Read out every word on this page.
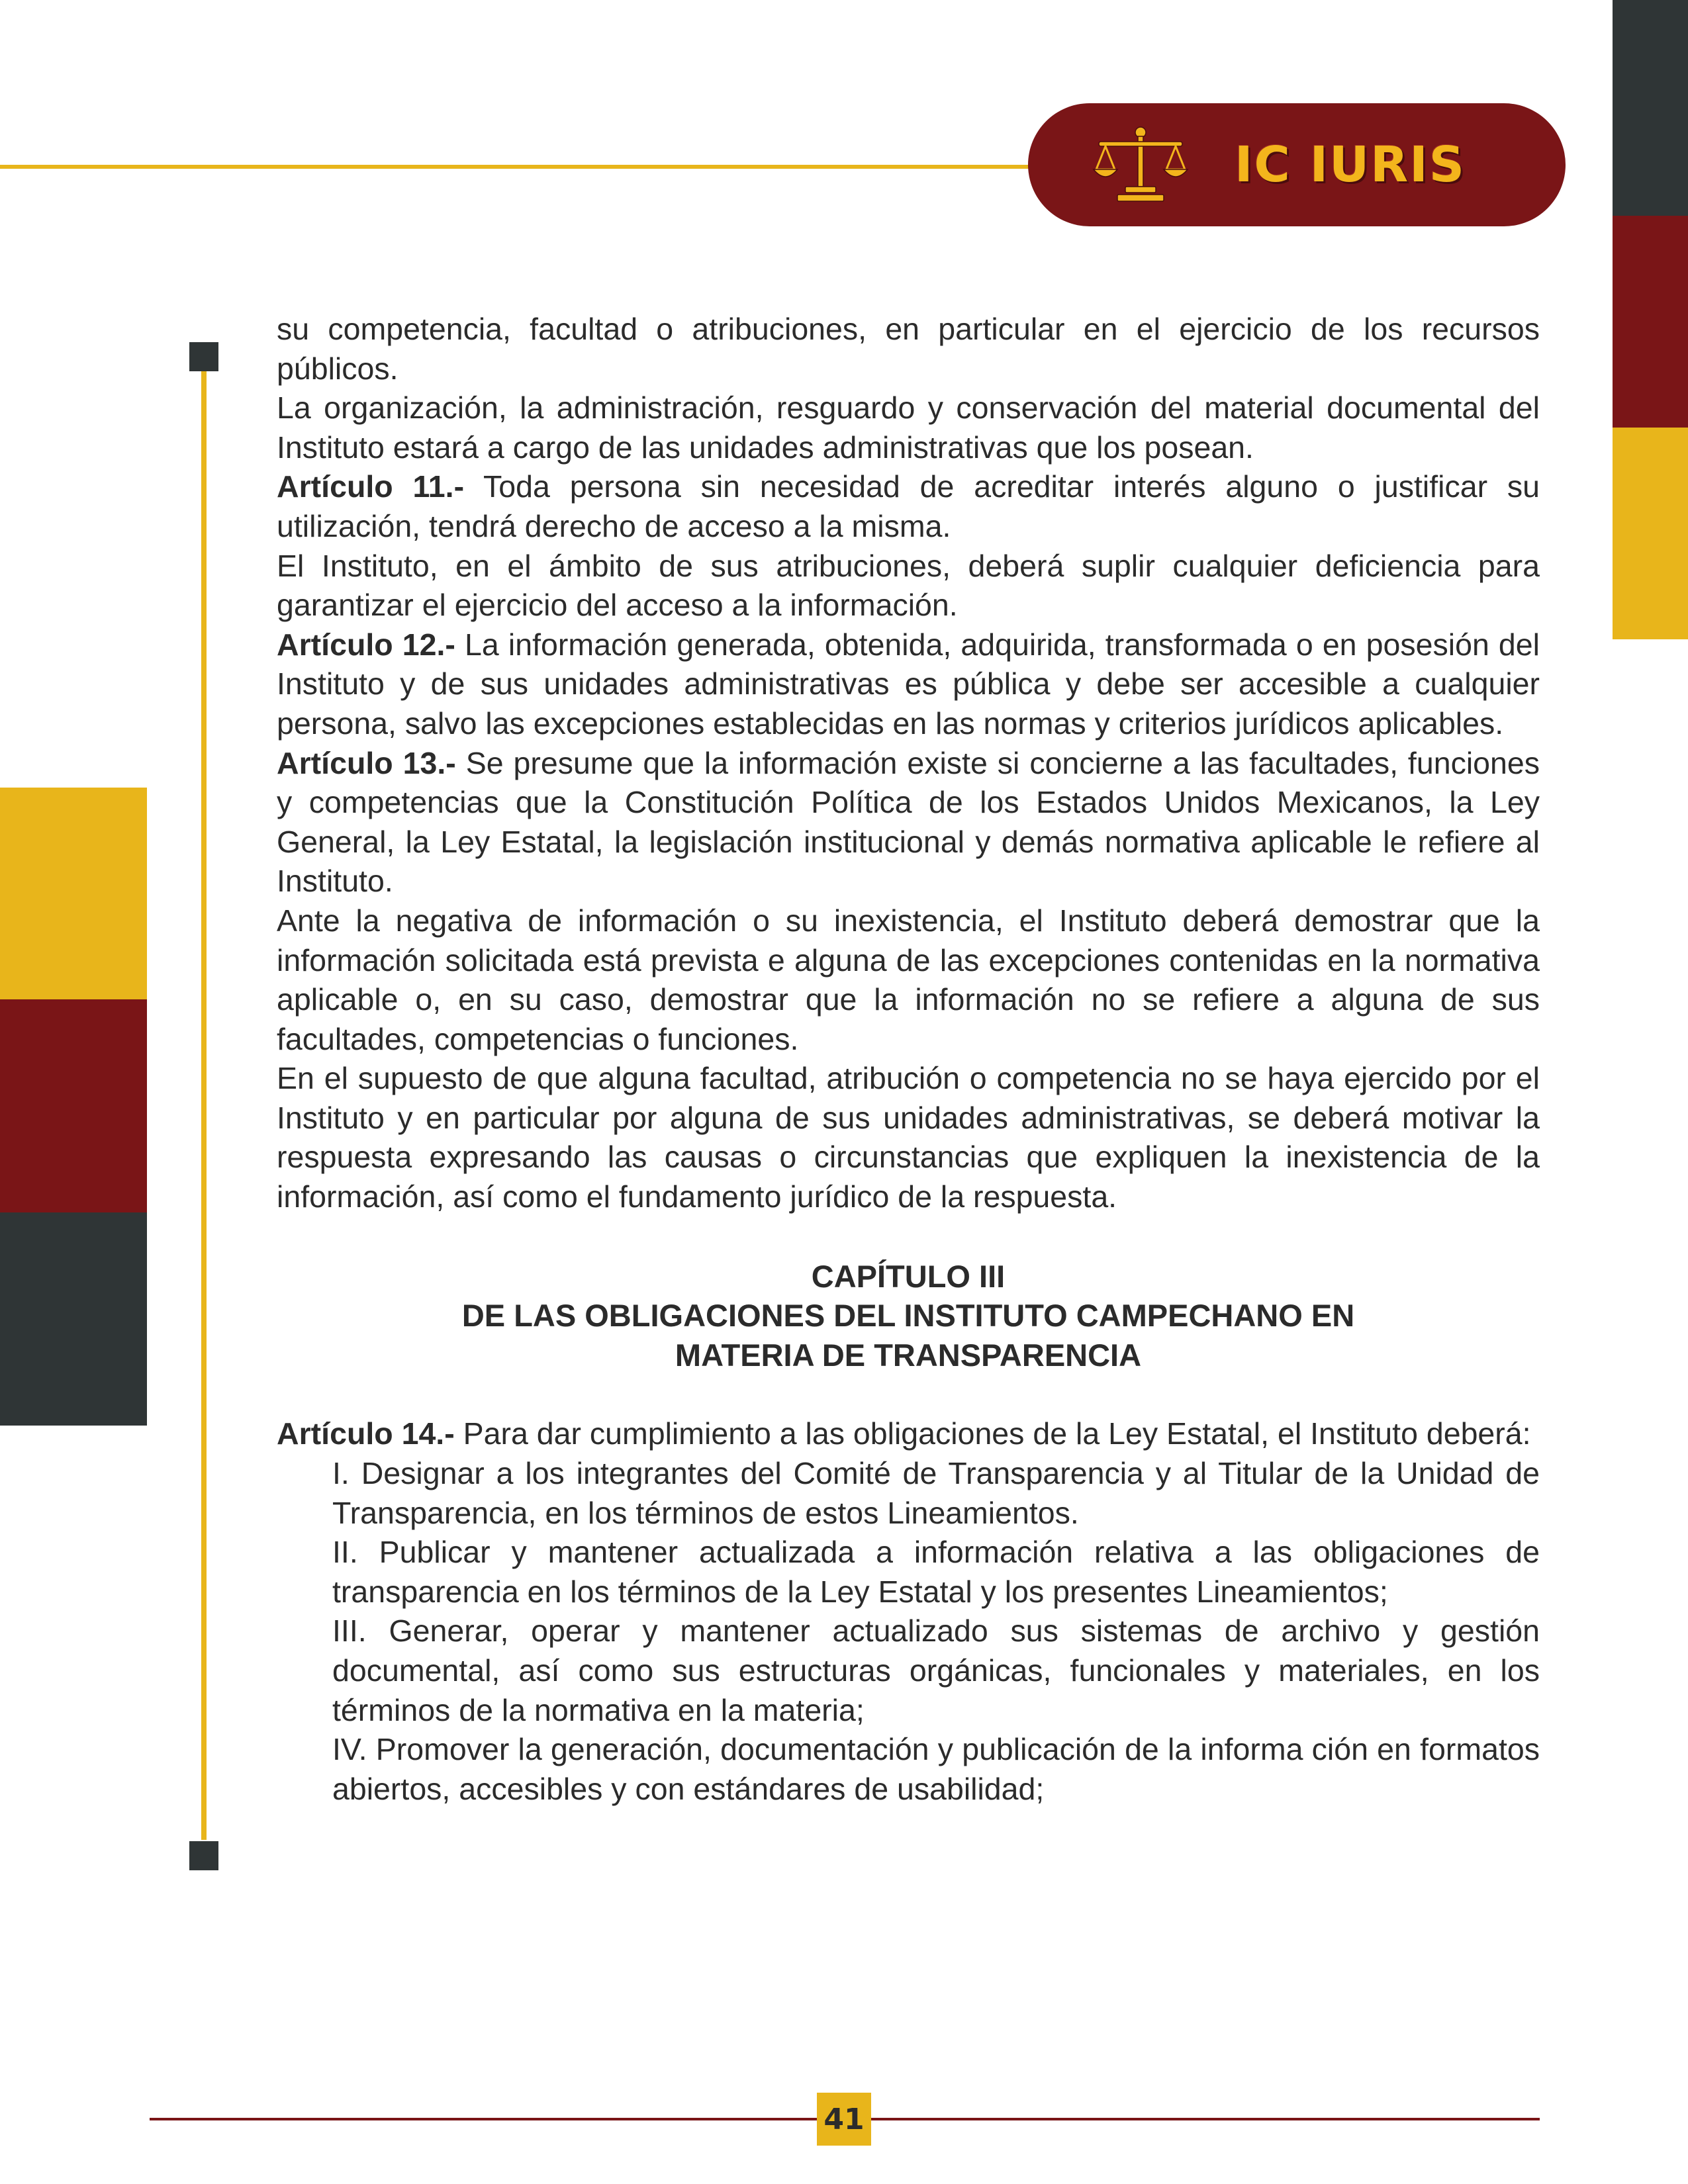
IC IURIS

su competencia, facultad o atribuciones, en particular en el ejercicio de los recursos públicos.

La organización, la administración, resguardo y conservación del material documental del Instituto estará a cargo de las unidades administrativas que los posean.

Artículo 11.- Toda persona sin necesidad de acreditar interés alguno o justificar su utilización, tendrá derecho de acceso a la misma.

El Instituto, en el ámbito de sus atribuciones, deberá suplir cualquier deficiencia para garantizar el ejercicio del acceso a la información.

Artículo 12.- La información generada, obtenida, adquirida, transformada o en posesión del Instituto y de sus unidades administrativas es pública y debe ser accesible a cualquier persona, salvo las excepciones establecidas en las normas y criterios jurídicos aplicables.

Artículo 13.- Se presume que la información existe si concierne a las facultades, funciones y competencias que la Constitución Política de los Estados Unidos Mexicanos, la Ley General, la Ley Estatal, la legislación institucional y demás normativa aplicable le refiere al Instituto.

Ante la negativa de información o su inexistencia, el Instituto deberá demostrar que la información solicitada está prevista e alguna de las excepciones contenidas en la normativa aplicable o, en su caso, demostrar que la información no se refiere a alguna de sus facultades, competencias o funciones.

En el supuesto de que alguna facultad, atribución o competencia no se haya ejercido por el Instituto y en particular por alguna de sus unidades administrativas, se deberá motivar la respuesta expresando las causas o circunstancias que expliquen la inexistencia de la información, así como el fundamento jurídico de la respuesta.

CAPÍTULO III

DE LAS OBLIGACIONES DEL INSTITUTO CAMPECHANO EN

MATERIA DE TRANSPARENCIA

Artículo 14.- Para dar cumplimiento a las obligaciones de la Ley Estatal, el Instituto deberá:

I. Designar a los integrantes del Comité de Transparencia y al Titular de la Unidad de Transparencia, en los términos de estos Lineamientos.

II. Publicar y mantener actualizada a información relativa a las obligaciones de transparencia en los términos de la Ley Estatal y los presentes Lineamientos;

III. Generar, operar y mantener actualizado sus sistemas de archivo y gestión documental, así como sus estructuras orgánicas, funcionales y materiales, en los términos de la normativa en la materia;

IV. Promover la generación, documentación y publicación de la informa ción en formatos abiertos, accesibles y con estándares de usabilidad;

41
